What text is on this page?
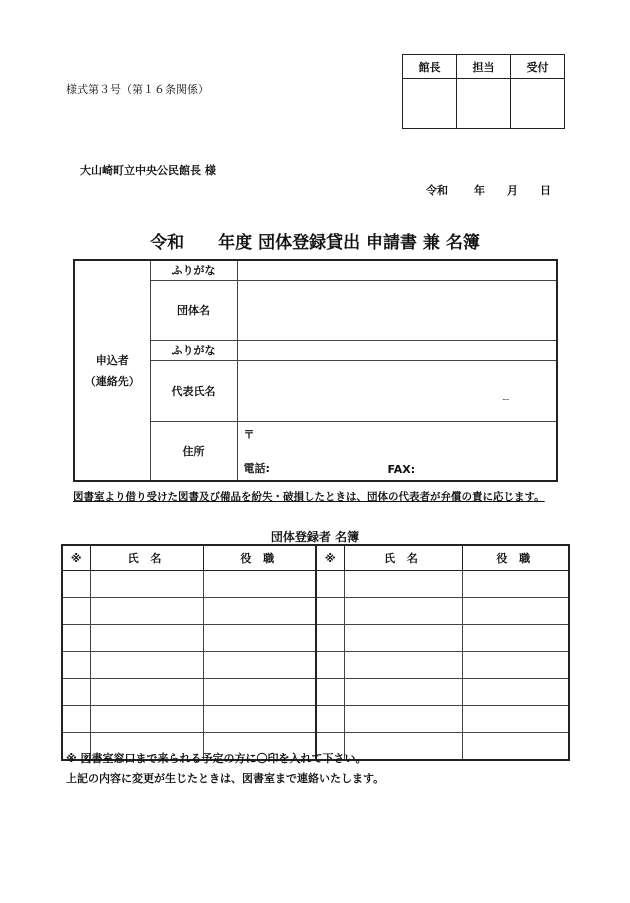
館長	担当	受付

様式第３号（第１６条関係）
大山崎町立中央公民館長 様
令和 年 月 日
令和　　年度 団体登録貸出 申請書 兼 名簿
申込者
（連絡先）	ふりがな	
	団体名	
	ふりがな	
	代表氏名	ー

	住所	〒
電話: FAX:
図書室より借り受けた図書及び備品を紛失・破損したときは、団体の代表者が弁償の責に応じます。
団体登録者 名簿
※	氏 名	役 職	※	氏 名	役 職

※ 図書室窓口まで来られる予定の方に〇印を入れて下さい。
上記の内容に変更が生じたときは、図書室まで連絡いたします。
